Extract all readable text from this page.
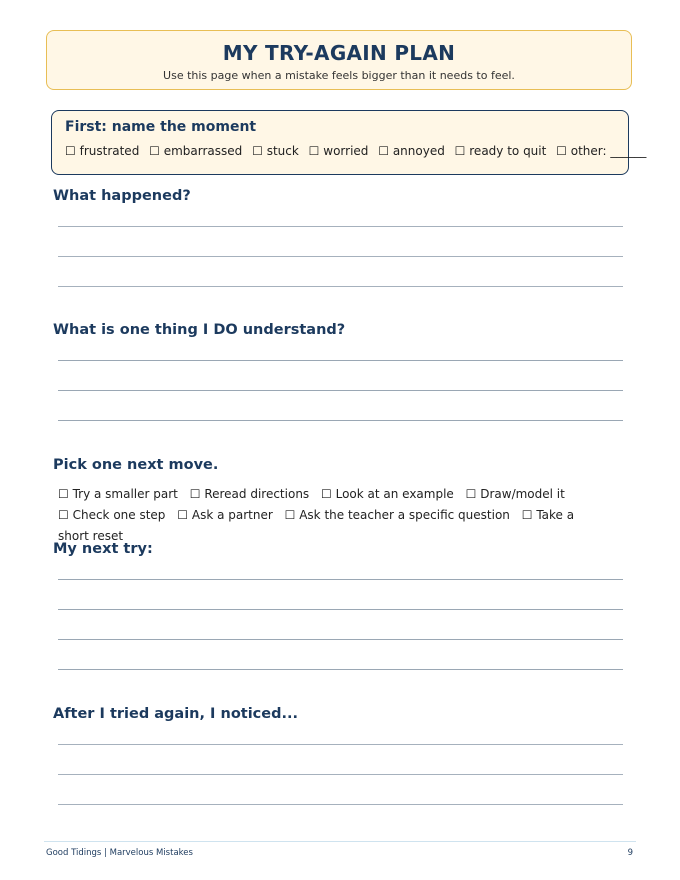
MY TRY-AGAIN PLAN
Use this page when a mistake feels bigger than it needs to feel.
First: name the moment
☐ frustrated ☐ embarrassed ☐ stuck ☐ worried ☐ annoyed ☐ ready to quit ☐ other: ______
What happened?
What is one thing I DO understand?
Pick one next move.
☐ Try a smaller part ☐ Reread directions ☐ Look at an example ☐ Draw/model it ☐ Check one step ☐ Ask a partner ☐ Ask the teacher a specific question ☐ Take a short reset
My next try:
After I tried again, I noticed...
Good Tidings | Marvelous Mistakes	9
